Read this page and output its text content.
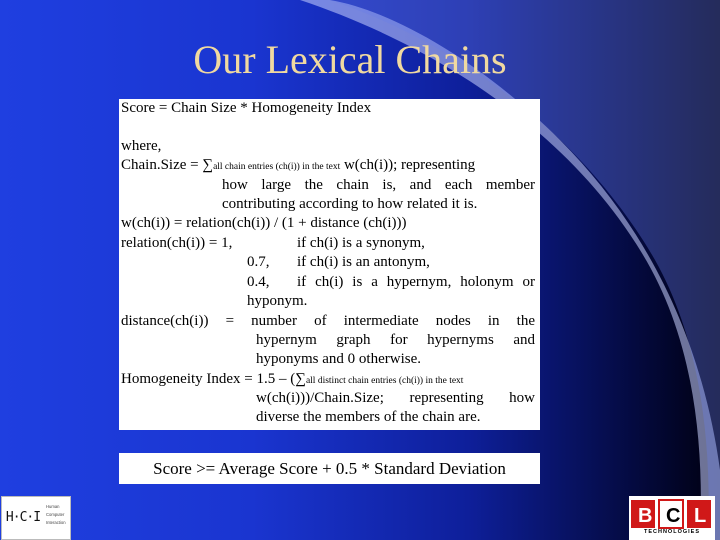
Our Lexical Chains
Score = Chain Size * Homogeneity Index
where,
Chain.Size = ∑all chain entries (ch(i)) in the text w(ch(i)); representing
how large the chain is, and each member
contributing according to how related it is.
w(ch(i)) = relation(ch(i)) / (1 + distance (ch(i)))
relation(ch(i)) = 1,	if ch(i) is a synonym,
0.7, if ch(i) is an antonym,
0.4, if ch(i) is a hypernym, holonym or
hyponym.
distance(ch(i)) = number of intermediate nodes in the
hypernym graph for hypernyms and
hyponyms and 0 otherwise.
Homogeneity Index = 1.5 – (∑all distinct chain entries (ch(i)) in the text
w(ch(i)))/Chain.Size; representing how
diverse the members of the chain are.
Score >= Average Score + 0.5 * Standard Deviation
H·C·I
Human
Computer
Interaction	B C L
TECHNOLOGIES
